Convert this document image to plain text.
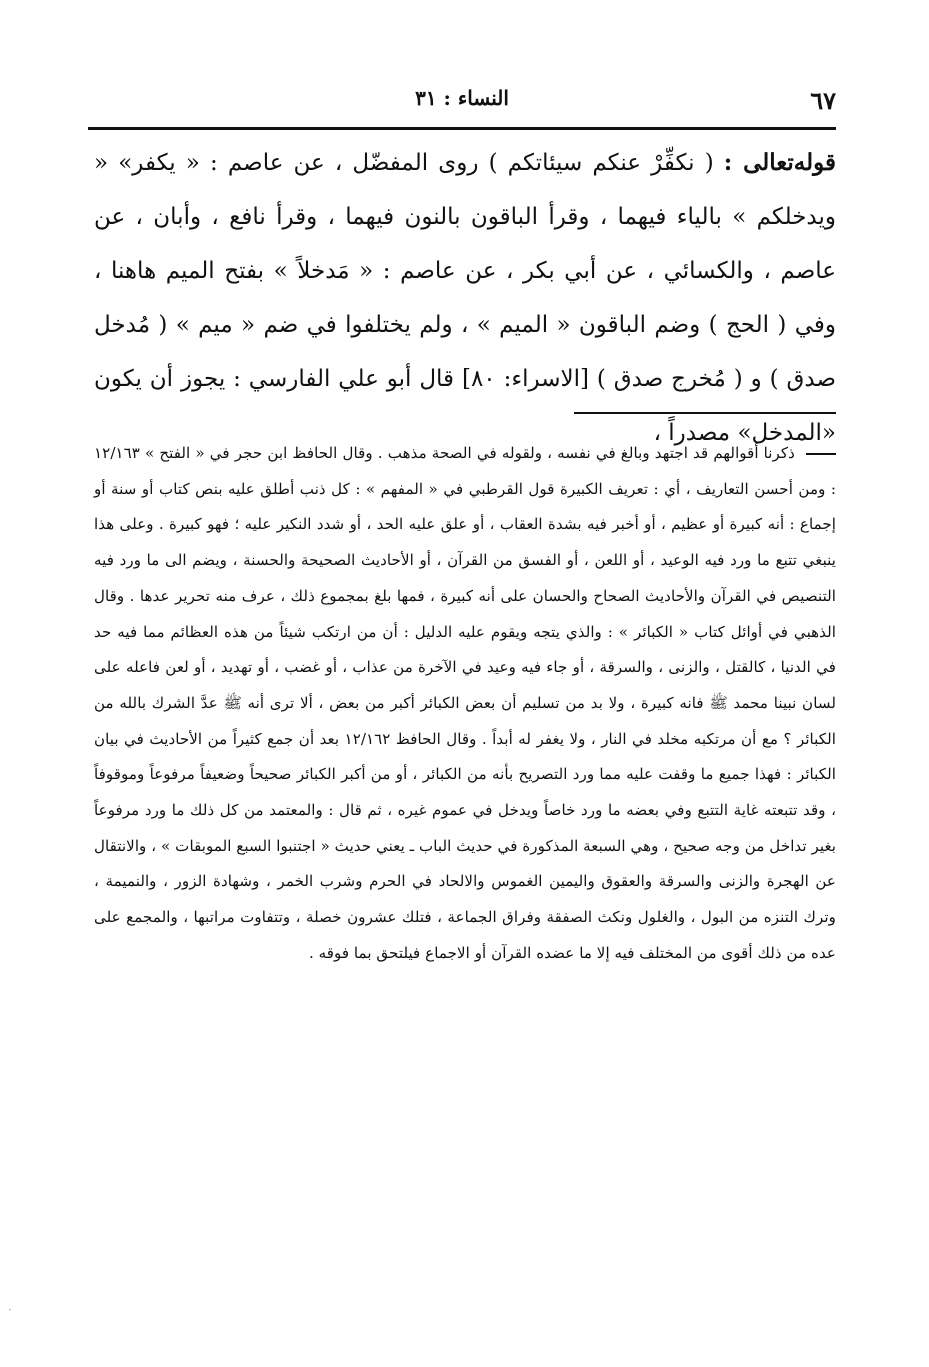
٦٧
النساء : ٣١
قوله‌تعالى : ( نكفِّرْ عنكم سيئاتكم ) روى المفضّل ، عن عاصم : « يكفر» « ويدخلكم » بالياء فيهما ، وقرأ الباقون بالنون فيهما ، وقرأ نافع ، وأبان ، عن عاصم ، والكسائي ، عن أبي بكر ، عن عاصم : « مَدخلاً » بفتح الميم هاهنا ، وفي ( الحج ) وضم الباقون « الميم » ، ولم يختلفوا في ضم « ميم » ( مُدخل صدق ) و ( مُخرج صدق ) [الاسراء: ٨٠] قال أبو علي الفارسي : يجوز أن يكون «المدخل» مصدراً ،
ذكرنا أقوالهم قد اجتهد وبالغ في نفسه ، ولقوله في الصحة مذهب . وقال الحافظ ابن حجر في « الفتح » ١٢/١٦٣ : ومن أحسن التعاريف ، أي : تعريف الكبيرة قول القرطبي في « المفهم » : كل ذنب أطلق عليه بنص كتاب أو سنة أو إجماع : أنه كبيرة أو عظيم ، أو أخبر فيه بشدة العقاب ، أو علق عليه الحد ، أو شدد النكير عليه ؛ فهو كبيرة . وعلى هذا ينبغي تتبع ما ورد فيه الوعيد ، أو اللعن ، أو الفسق من القرآن ، أو الأحاديث الصحيحة والحسنة ، ويضم الى ما ورد فيه التنصيص في القرآن والأحاديث الصحاح والحسان على أنه كبيرة ، فمها بلغ بمجموع ذلك ، عرف منه تحرير عدها . وقال الذهبي في أوائل كتاب « الكبائر » : والذي يتجه ويقوم عليه الدليل : أن من ارتكب شيئاً من هذه العظائم مما فيه حد في الدنيا ، كالقتل ، والزنى ، والسرقة ، أو جاء فيه وعيد في الآخرة من عذاب ، أو غضب ، أو تهديد ، أو لعن فاعله على لسان نبينا محمد ﷺ فانه كبيرة ، ولا بد من تسليم أن بعض الكبائر أكبر من بعض ، ألا ترى أنه ﷺ عدَّ الشرك بالله من الكبائر ؟ مع أن مرتكبه مخلد في النار ، ولا يغفر له أبداً . وقال الحافظ ١٢/١٦٢ بعد أن جمع كثيراً من الأحاديث في بيان الكبائر : فهذا جميع ما وقفت عليه مما ورد التصريح بأنه من الكبائر ، أو من أكبر الكبائر صحيحاً وضعيفاً مرفوعاً وموقوفاً ، وقد تتبعته غاية التتبع وفي بعضه ما ورد خاصاً ويدخل في عموم غيره ، ثم قال : والمعتمد من كل ذلك ما ورد مرفوعاً بغير تداخل من وجه صحيح ، وهي السبعة المذكورة في حديث الباب ـ يعني حديث « اجتنبوا السبع الموبقات » ، والانتقال عن الهجرة والزنى والسرقة والعقوق واليمين الغموس والالحاد في الحرم وشرب الخمر ، وشهادة الزور ، والنميمة ، وترك التنزه من البول ، والغلول ونكث الصفقة وفراق الجماعة ، فتلك عشرون خصلة ، وتتفاوت مراتبها ، والمجمع على عده من ذلك أقوى من المختلف فيه إلا ما عضده القرآن أو الاجماع فيلتحق بما فوقه .
·
